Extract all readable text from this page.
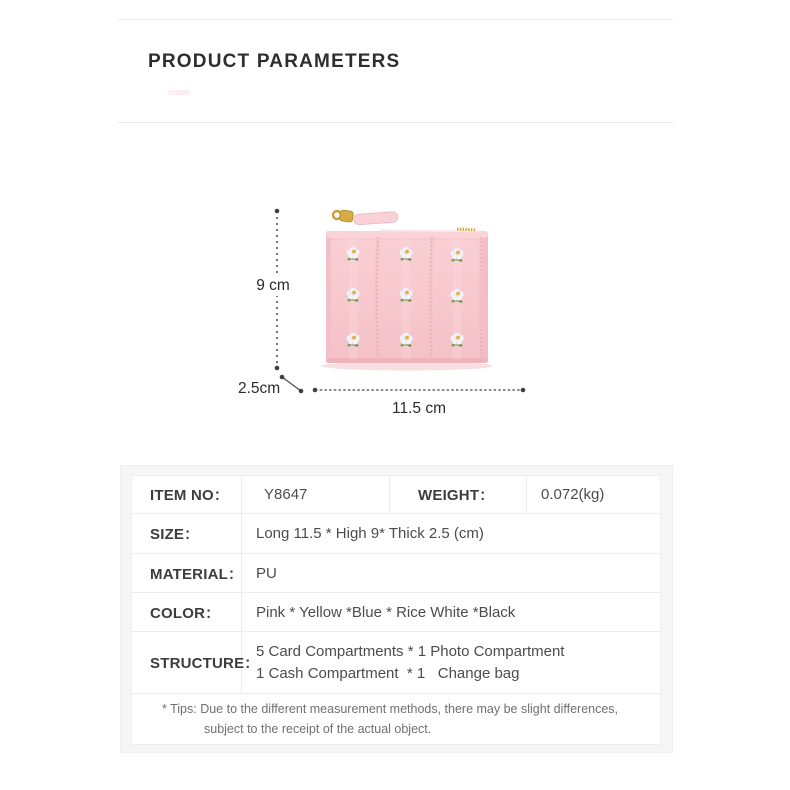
PRODUCT PARAMETERS
9 cm
2.5cm
11.5 cm
ITEM NO：	Y8647	WEIGHT：	0.072(kg)
SIZE：	Long 11.5 * High 9* Thick 2.5 (cm)
MATERIAL： PU
COLOR：	Pink * Yellow *Blue * Rice White *Black
STRUCTURE：
5 Card Compartments * 1 Photo Compartment
1 Cash Compartment  * 1   Change bag
* Tips: Due to the different measurement methods, there may be slight differences,
subject to the receipt of the actual object.
